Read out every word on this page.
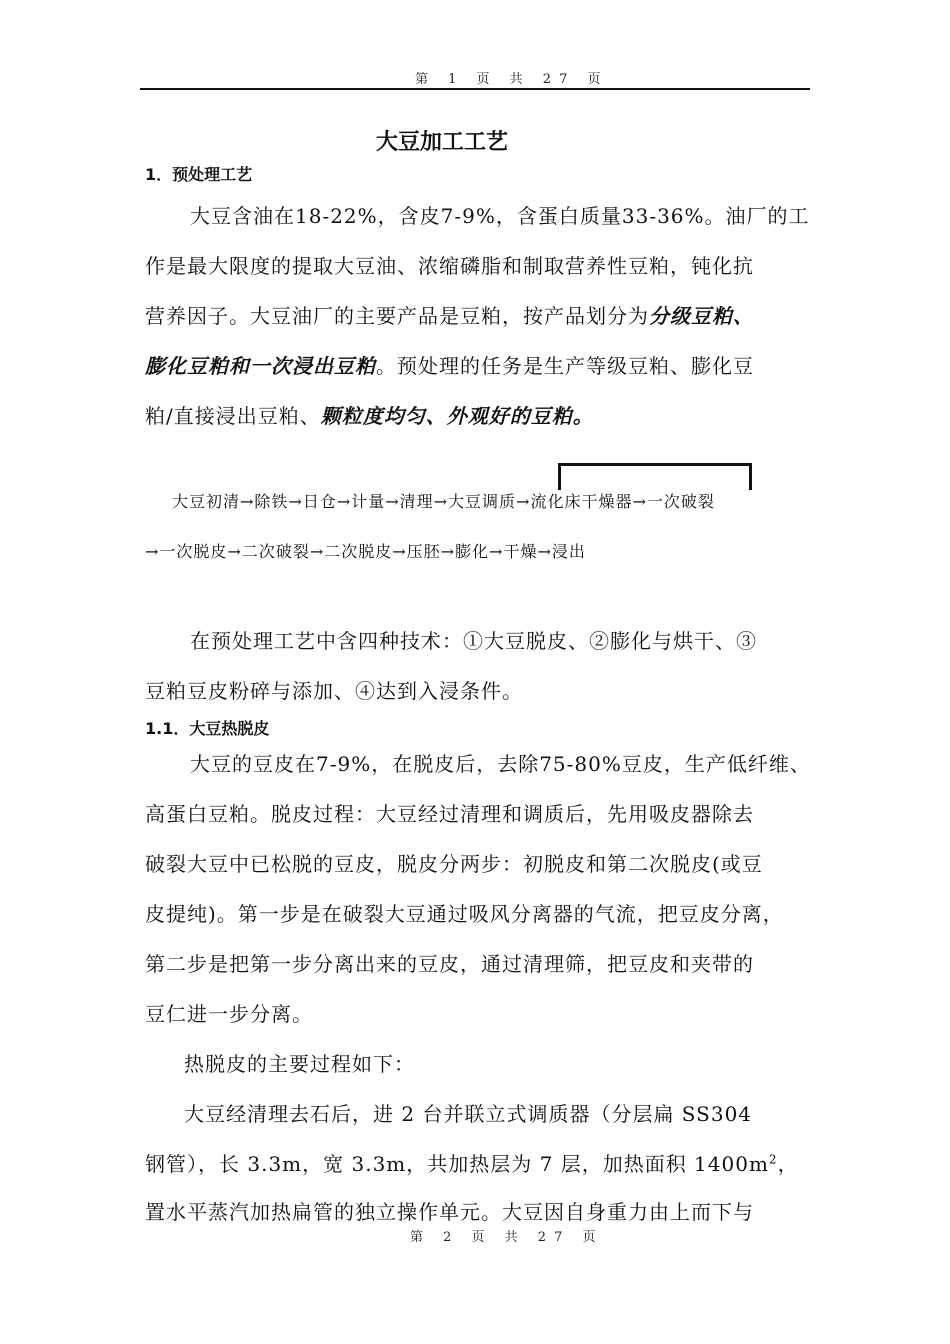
第 1 页 共 27 页
大豆加工工艺
1．预处理工艺
大豆含油在18-22%，含皮7-9%，含蛋白质量33-36%。油厂的工
作是最大限度的提取大豆油、浓缩磷脂和制取营养性豆粕，钝化抗
营养因子。大豆油厂的主要产品是豆粕，按产品划分为分级豆粕、
膨化豆粕和一次浸出豆粕。预处理的任务是生产等级豆粕、膨化豆
粕/直接浸出豆粕、颗粒度均匀、外观好的豆粕。
大豆初清→除铁→日仓→计量→清理→大豆调质→流化床干燥器→一次破裂
→一次脱皮→二次破裂→二次脱皮→压胚→膨化→干燥→浸出
在预处理工艺中含四种技术：①大豆脱皮、②膨化与烘干、③
豆粕豆皮粉碎与添加、④达到入浸条件。
1.1．大豆热脱皮
大豆的豆皮在7-9%，在脱皮后，去除75-80%豆皮，生产低纤维、
高蛋白豆粕。脱皮过程：大豆经过清理和调质后，先用吸皮器除去
破裂大豆中已松脱的豆皮，脱皮分两步：初脱皮和第二次脱皮(或豆
皮提纯)。第一步是在破裂大豆通过吸风分离器的气流，把豆皮分离，
第二步是把第一步分离出来的豆皮，通过清理筛，把豆皮和夹带的
豆仁进一步分离。
热脱皮的主要过程如下：
大豆经清理去石后，进 2 台并联立式调质器（分层扁 SS304
钢管），长 3.3m，宽 3.3m，共加热层为 7 层，加热面积 $1400m^2$，
置水平蒸汽加热扁管的独立操作单元。大豆因自身重力由上而下与
第 2 页 共 27 页
